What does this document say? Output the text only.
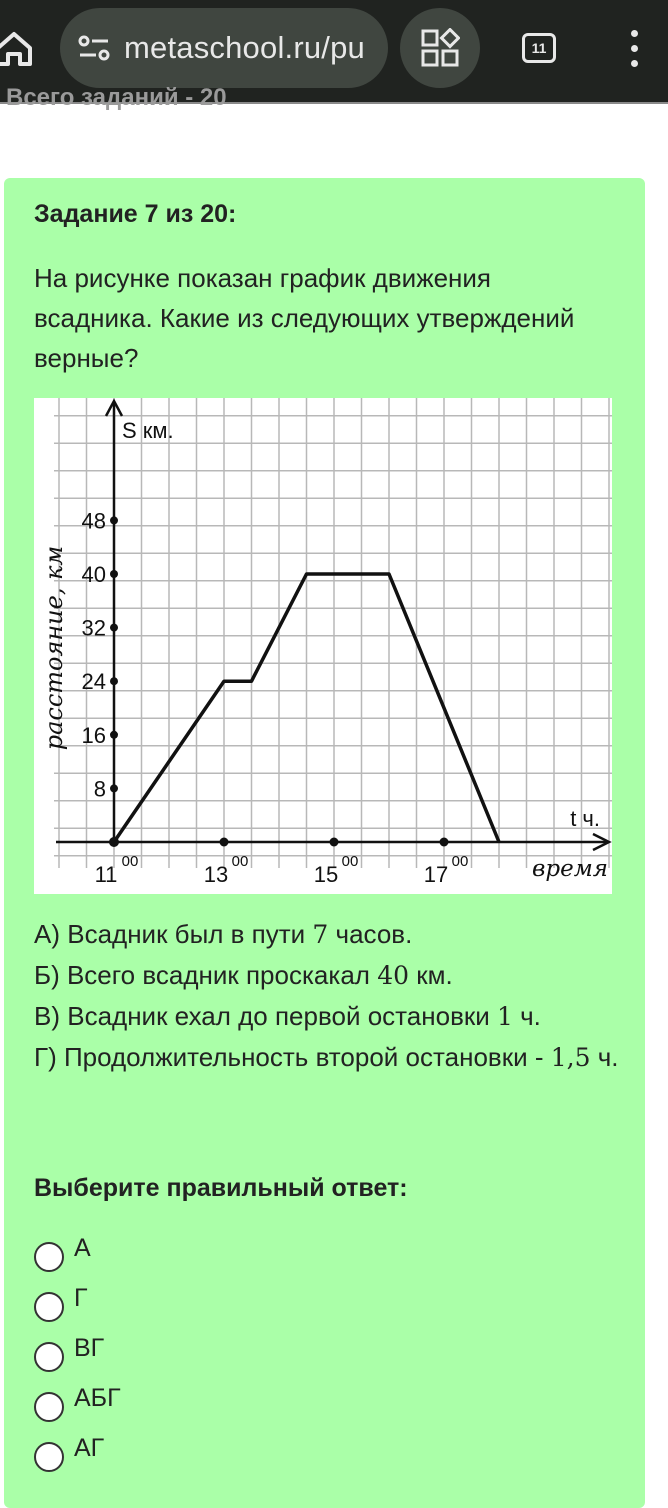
metaschool.ru/pu	11
Всего заданий - 20
Задание 7 из 20:
На рисунке показан график движения всадника. Какие из следующих утверждений верные?
8
16
24
32
40
48
11
00
13
00
15
00
17
00
S км.
t ч.
время
расстояние, км
А) Всадник был в пути 7 часов.
Б) Всего всадник проскакал 40 км.
В) Всадник ехал до первой остановки 1 ч.
Г) Продолжительность второй остановки - 1,5 ч.
Выберите правильный ответ:
А
Г
ВГ
АБГ
АГ
